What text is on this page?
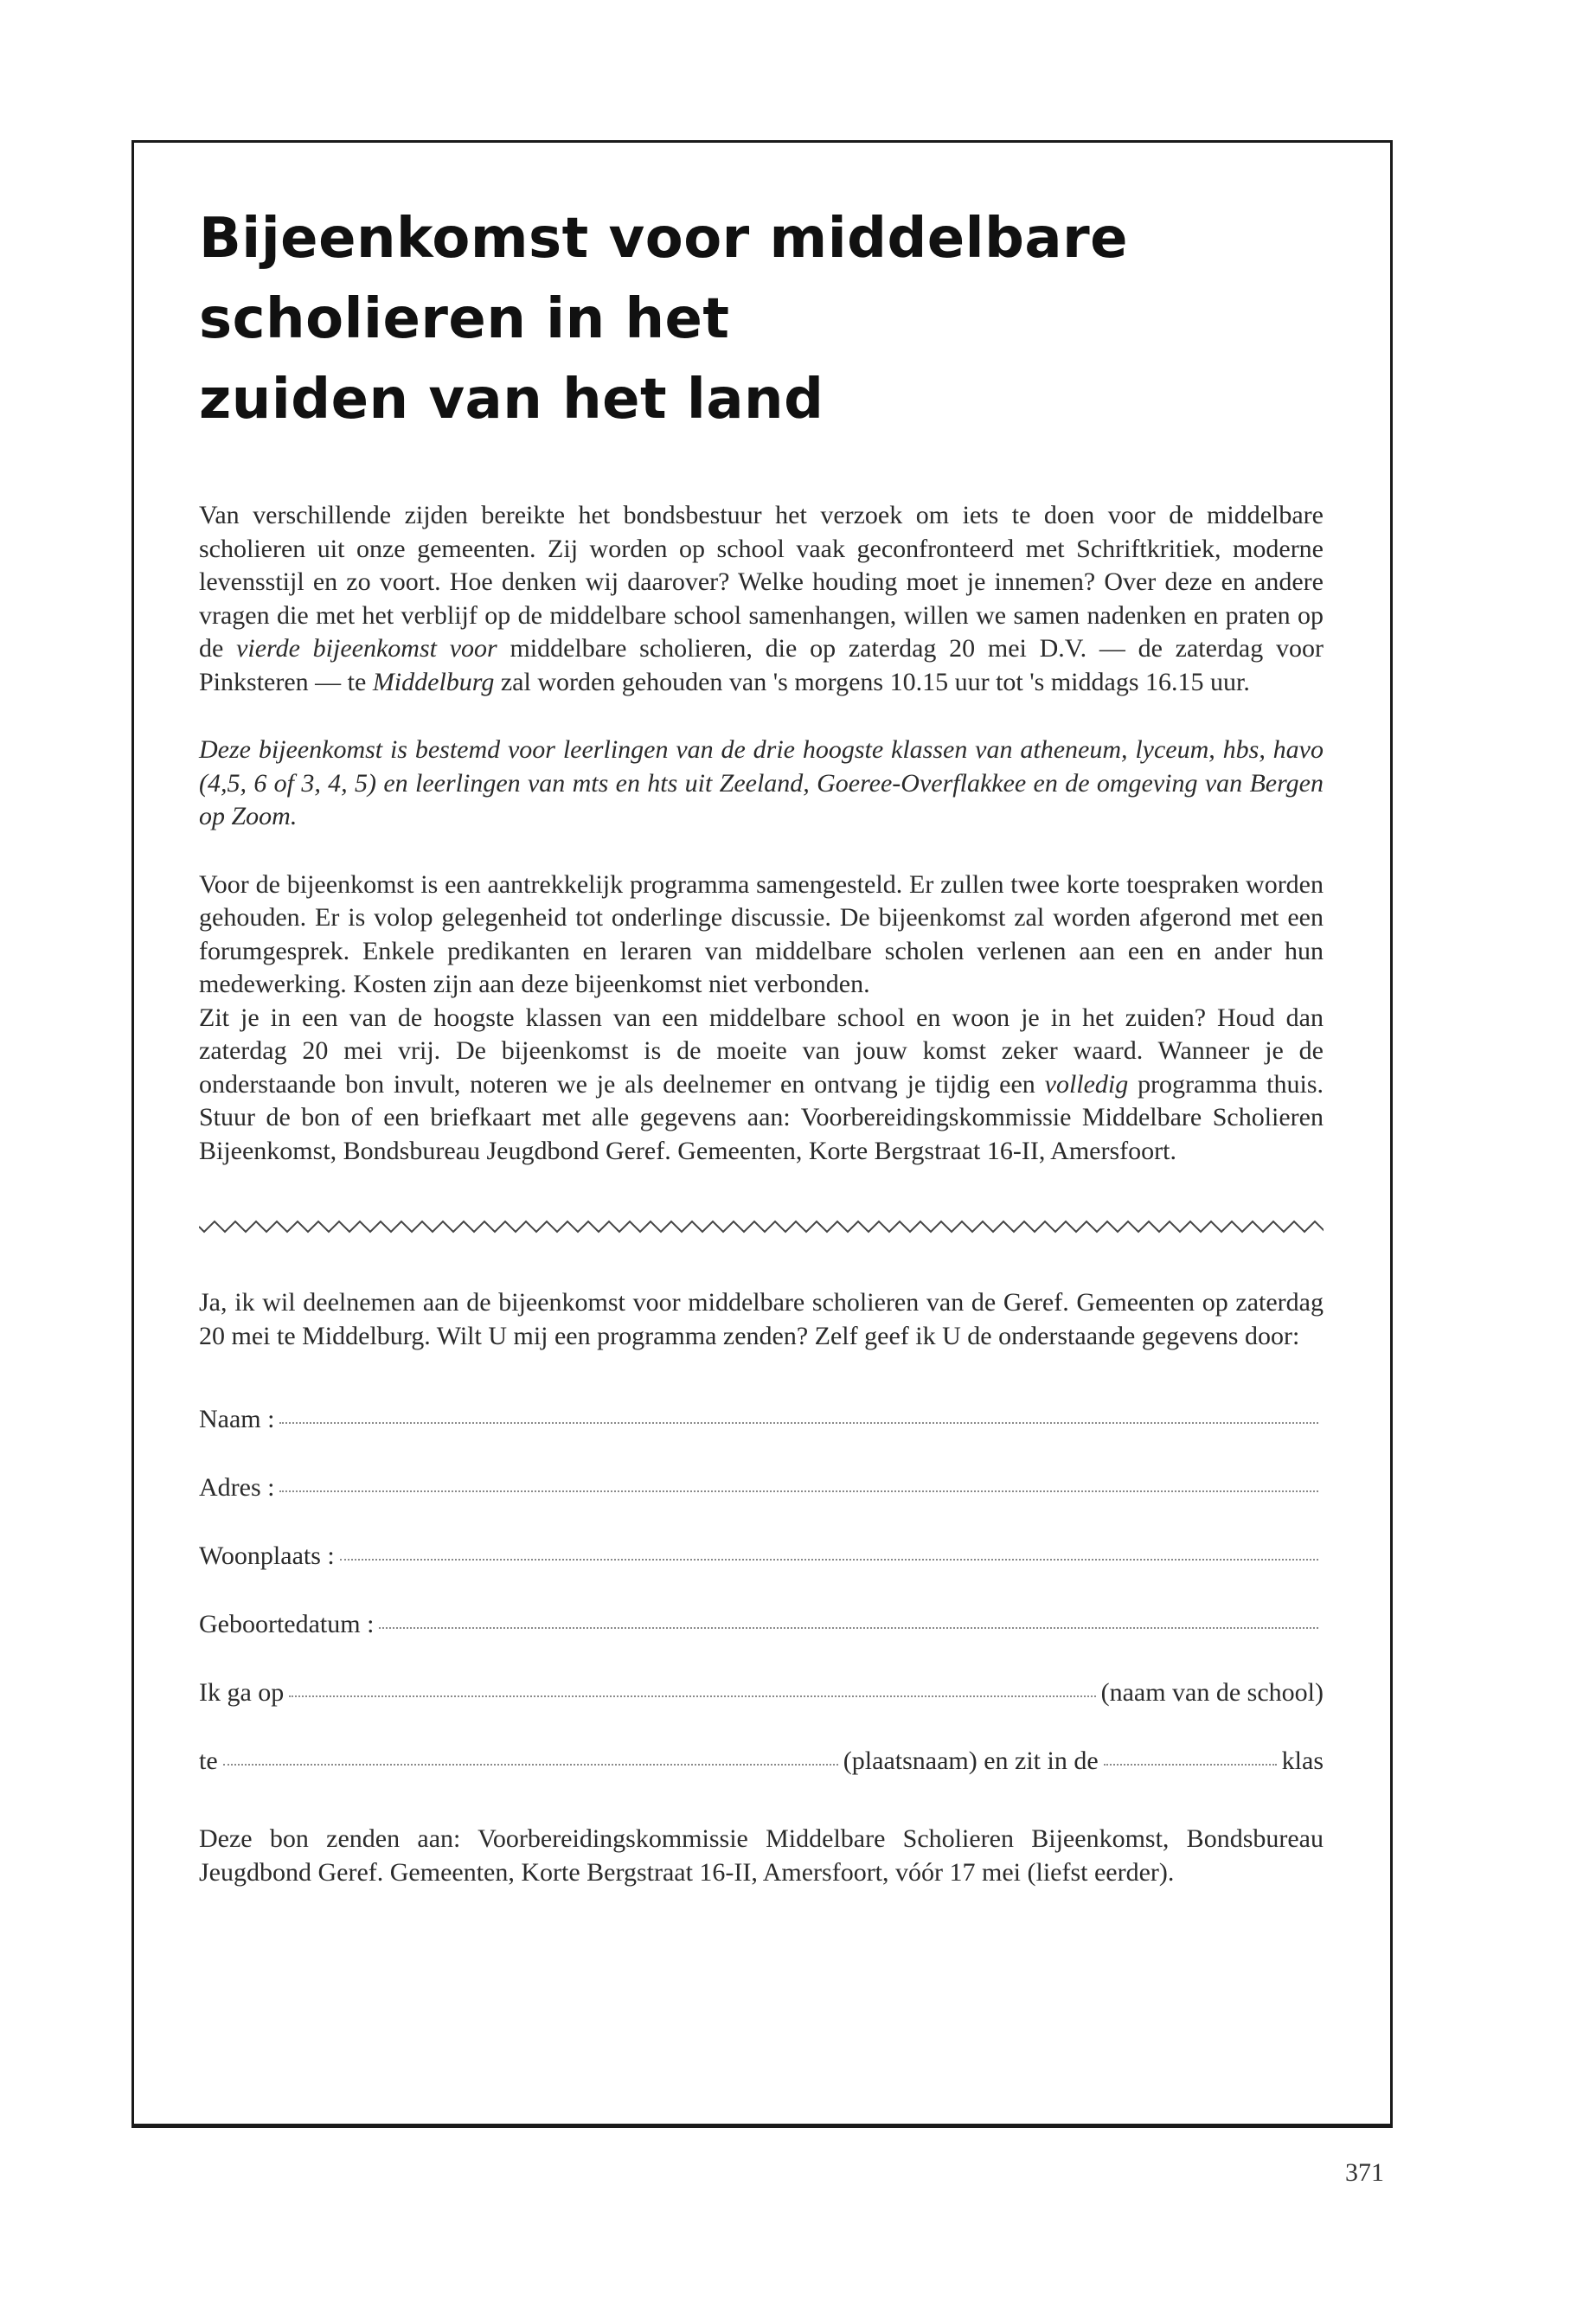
Bijeenkomst voor middelbare
scholieren in het
zuiden van het land

Van verschillende zijden bereikte het bondsbestuur het verzoek om iets te doen voor de middelbare scholieren uit onze gemeenten. Zij worden op school vaak geconfronteerd met Schriftkritiek, moderne levensstijl en zo voort. Hoe denken wij daarover? Welke houding moet je innemen? Over deze en andere vragen die met het verblijf op de middelbare school samenhangen, willen we samen nadenken en praten op de vierde bijeenkomst voor middelbare scholieren, die op zaterdag 20 mei D.V. — de zaterdag voor Pinksteren — te Middelburg zal worden gehouden van 's morgens 10.15 uur tot 's middags 16.15 uur.

Deze bijeenkomst is bestemd voor leerlingen van de drie hoogste klassen van atheneum, lyceum, hbs, havo (4,5, 6 of 3, 4, 5) en leerlingen van mts en hts uit Zeeland, Goeree-Overflakkee en de omgeving van Bergen op Zoom.

Voor de bijeenkomst is een aantrekkelijk programma samengesteld. Er zullen twee korte toespraken worden gehouden. Er is volop gelegenheid tot onderlinge discussie. De bijeenkomst zal worden afgerond met een forumgesprek. Enkele predikanten en leraren van middelbare scholen verlenen aan een en ander hun medewerking. Kosten zijn aan deze bijeenkomst niet verbonden.
Zit je in een van de hoogste klassen van een middelbare school en woon je in het zuiden? Houd dan zaterdag 20 mei vrij. De bijeenkomst is de moeite van jouw komst zeker waard. Wanneer je de onderstaande bon invult, noteren we je als deelnemer en ontvang je tijdig een volledig programma thuis. Stuur de bon of een briefkaart met alle gegevens aan: Voorbereidingskommissie Middelbare Scholieren Bijeenkomst, Bondsbureau Jeugdbond Geref. Gemeenten, Korte Bergstraat 16-II, Amersfoort.

Ja, ik wil deelnemen aan de bijeenkomst voor middelbare scholieren van de Geref. Gemeenten op zaterdag 20 mei te Middelburg. Wilt U mij een programma zenden? Zelf geef ik U de onderstaande gegevens door:

Naam :
Adres :
Woonplaats :
Geboortedatum :
Ik ga op	(naam van de school)
te	(plaatsnaam) en zit in de	klas

Deze bon zenden aan: Voorbereidingskommissie Middelbare Scholieren Bijeenkomst, Bondsbureau Jeugdbond Geref. Gemeenten, Korte Bergstraat 16-II, Amersfoort, vóór 17 mei (liefst eerder).

371
